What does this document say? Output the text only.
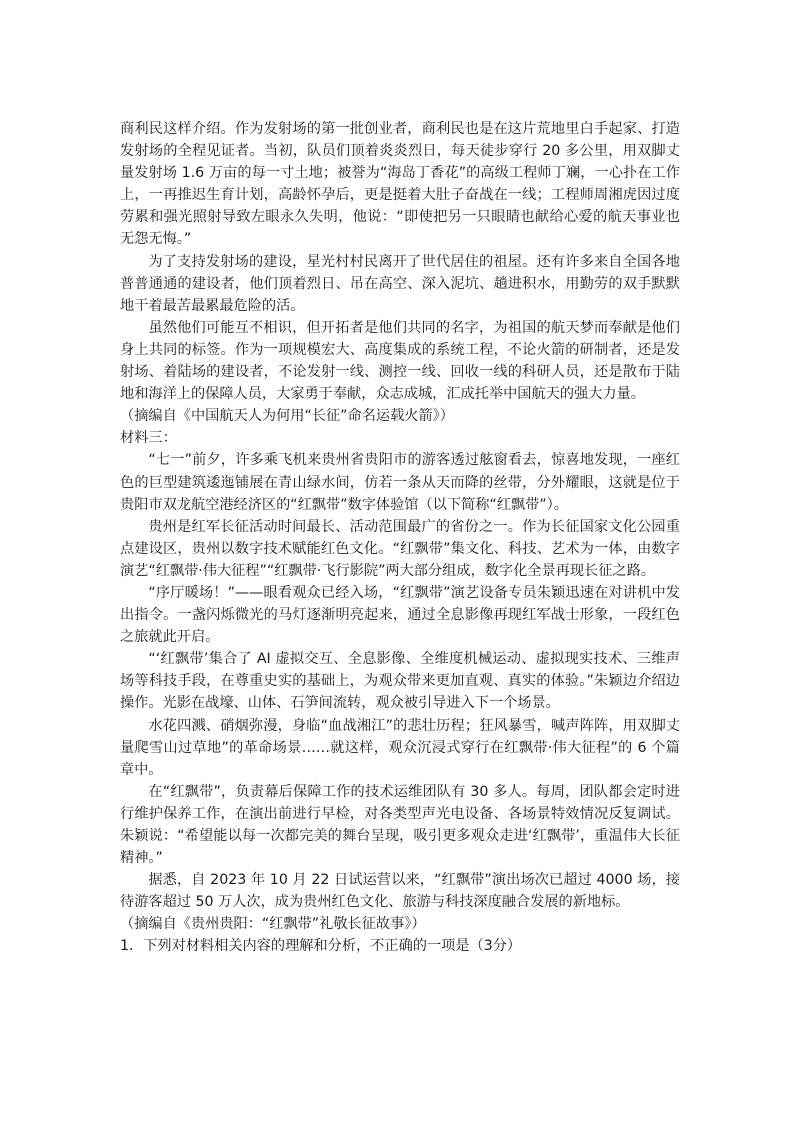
商利民这样介绍。作为发射场的第一批创业者，商利民也是在这片荒地里白手起家、打造发射场的全程见证者。当初，队员们顶着炎炎烈日，每天徒步穿行 20 多公里，用双脚丈量发射场 1.6 万亩的每一寸土地；被誉为“海岛丁香花”的高级工程师丁斓，一心扑在工作上，一再推迟生育计划，高龄怀孕后，更是挺着大肚子奋战在一线；工程师周湘虎因过度劳累和强光照射导致左眼永久失明，他说：“即使把另一只眼睛也献给心爱的航天事业也无怨无悔。”

为了支持发射场的建设，星光村村民离开了世代居住的祖屋。还有许多来自全国各地普普通通的建设者，他们顶着烈日、吊在高空、深入泥坑、趟进积水，用勤劳的双手默默地干着最苦最累最危险的活。

虽然他们可能互不相识，但开拓者是他们共同的名字，为祖国的航天梦而奉献是他们身上共同的标签。作为一项规模宏大、高度集成的系统工程，不论火箭的研制者，还是发射场、着陆场的建设者，不论发射一线、测控一线、回收一线的科研人员，还是散布于陆地和海洋上的保障人员，大家勇于奉献，众志成城，汇成托举中国航天的强大力量。

（摘编自《中国航天人为何用“长征”命名运载火箭》）

材料三：

“七一”前夕，许多乘飞机来贵州省贵阳市的游客透过舷窗看去，惊喜地发现，一座红色的巨型建筑逶迤铺展在青山绿水间，仿若一条从天而降的丝带，分外耀眼，这就是位于贵阳市双龙航空港经济区的“红飘带”数字体验馆（以下简称“红飘带”）。

贵州是红军长征活动时间最长、活动范围最广的省份之一。作为长征国家文化公园重点建设区，贵州以数字技术赋能红色文化。“红飘带”集文化、科技、艺术为一体，由数字演艺“红飘带·伟大征程”“红飘带·飞行影院”两大部分组成，数字化全景再现长征之路。

“序厅暖场！”——眼看观众已经入场，“红飘带”演艺设备专员朱颖迅速在对讲机中发出指令。一盏闪烁微光的马灯逐渐明亮起来，通过全息影像再现红军战士形象，一段红色之旅就此开启。

“‘红飘带’集合了 AI 虚拟交互、全息影像、全维度机械运动、虚拟现实技术、三维声场等科技手段，在尊重史实的基础上，为观众带来更加直观、真实的体验。”朱颖边介绍边操作。光影在战壕、山体、石笋间流转，观众被引导进入下一个场景。

水花四溅、硝烟弥漫，身临“血战湘江”的悲壮历程；狂风暴雪，喊声阵阵，用双脚丈量爬雪山过草地”的革命场景……就这样，观众沉浸式穿行在红飘带·伟大征程”的 6 个篇章中。

在“红飘带”，负责幕后保障工作的技术运维团队有 30 多人。每周，团队都会定时进行维护保养工作，在演出前进行早检，对各类型声光电设备、各场景特效情况反复调试。朱颖说：“希望能以每一次都完美的舞台呈现，吸引更多观众走进‘红飘带’，重温伟大长征精神。”

据悉，自 2023 年 10 月 22 日试运营以来，“红飘带”演出场次已超过 4000 场，接待游客超过 50 万人次，成为贵州红色文化、旅游与科技深度融合发展的新地标。

（摘编自《贵州贵阳：“红飘带”礼敬长征故事》）

1．下列对材料相关内容的理解和分析，不正确的一项是（3分）
